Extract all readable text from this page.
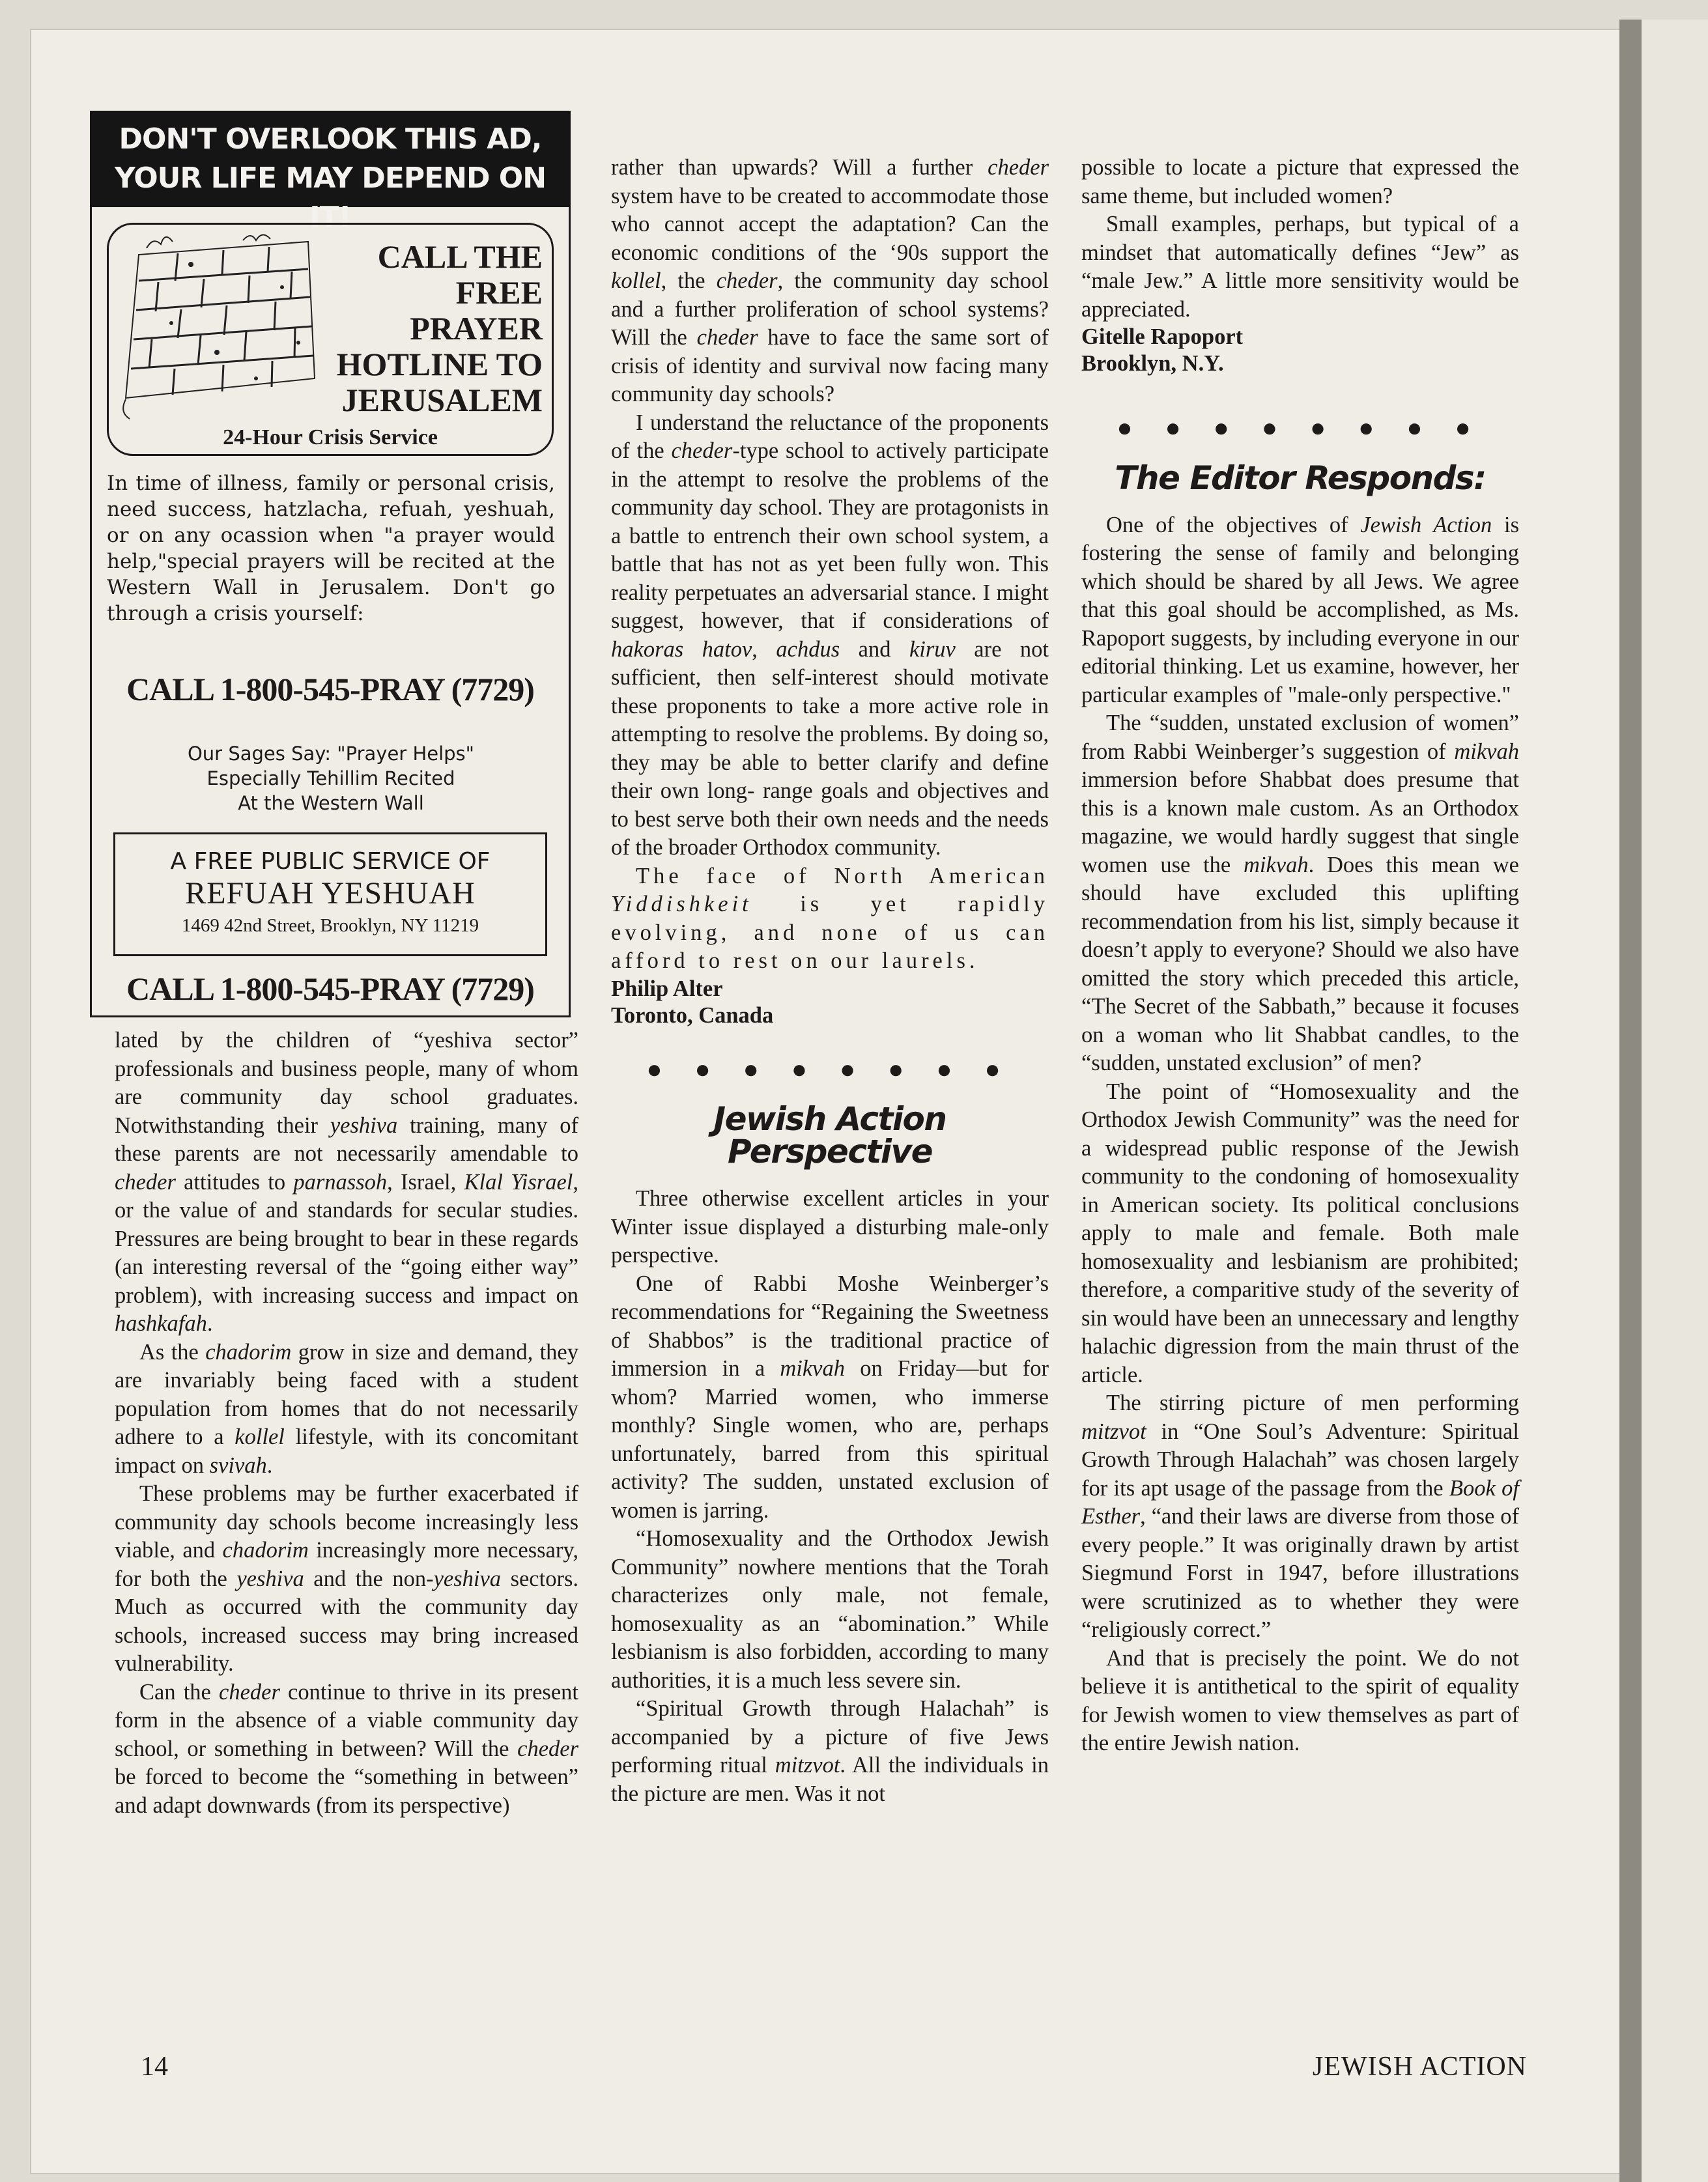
DON'T OVERLOOK THIS AD,
YOUR LIFE MAY DEPEND ON IT!
CALL THE
FREE
PRAYER
HOTLINE TO
JERUSALEM
24-Hour Crisis Service
In time of illness, family or personal crisis, need success, hatzlacha, refuah, yeshuah, or on any ocassion when "a prayer would help,"special prayers will be recited at the Western Wall in Jerusalem. Don't go through a crisis yourself:
CALL 1-800-545-PRAY (7729)
Our Sages Say: "Prayer Helps"
Especially Tehillim Recited
At the Western Wall
A FREE PUBLIC SERVICE OF
REFUAH YESHUAH
1469 42nd Street, Brooklyn, NY 11219
CALL 1-800-545-PRAY (7729)

lated by the children of “yeshiva sector” professionals and business people, many of whom are community day school graduates. Notwithstanding their yeshiva training, many of these parents are not necessarily amendable to cheder attitudes to parnassoh, Israel, Klal Yisrael, or the value of and standards for secular studies. Pressures are being brought to bear in these regards (an interesting reversal of the “going either way” problem), with increasing success and impact on hashkafah.

As the chadorim grow in size and demand, they are invariably being faced with a student population from homes that do not necessarily adhere to a kollel lifestyle, with its concomitant impact on svivah.

These problems may be further exacerbated if community day schools become increasingly less viable, and chadorim increasingly more necessary, for both the yeshiva and the non-yeshiva sectors. Much as occurred with the community day schools, increased success may bring increased vulnerability.

Can the cheder continue to thrive in its present form in the absence of a viable community day school, or something in between? Will the cheder be forced to become the “something in between” and adapt downwards (from its perspective)

rather than upwards? Will a further cheder system have to be created to accommodate those who cannot accept the adaptation? Can the economic conditions of the ‘90s support the kollel, the cheder, the community day school and a further proliferation of school systems? Will the cheder have to face the same sort of crisis of identity and survival now facing many community day schools?

I understand the reluctance of the proponents of the cheder-type school to actively participate in the attempt to resolve the problems of the community day school. They are protagonists in a battle to entrench their own school system, a battle that has not as yet been fully won. This reality perpetuates an adversarial stance. I might suggest, however, that if considerations of hakoras hatov, achdus and kiruv are not sufficient, then self-interest should motivate these proponents to take a more active role in attempting to resolve the problems. By doing so, they may be able to better clarify and define their own long- range goals and objectives and to best serve both their own needs and the needs of the broader Orthodox community.

The face of North American Yiddishkeit is yet rapidly evolving, and none of us can afford to rest on our laurels.

Philip Alter
Toronto, Canada

● ● ● ● ● ● ● ●
Jewish Action
Perspective

Three otherwise excellent articles in your Winter issue displayed a disturbing male-only perspective.

One of Rabbi Moshe Weinberger’s recommendations for “Regaining the Sweetness of Shabbos” is the traditional practice of immersion in a mikvah on Friday—but for whom? Married women, who immerse monthly? Single women, who are, perhaps unfortunately, barred from this spiritual activity? The sudden, unstated exclusion of women is jarring.

“Homosexuality and the Orthodox Jewish Community” nowhere mentions that the Torah characterizes only male, not female, homosexuality as an “abomination.” While lesbianism is also forbidden, according to many authorities, it is a much less severe sin.

“Spiritual Growth through Halachah” is accompanied by a picture of five Jews performing ritual mitzvot. All the individuals in the picture are men. Was it not

possible to locate a picture that expressed the same theme, but included women?

Small examples, perhaps, but typical of a mindset that automatically defines “Jew” as “male Jew.” A little more sensitivity would be appreciated.

Gitelle Rapoport
Brooklyn, N.Y.

● ● ● ● ● ● ● ●
The Editor Responds:

One of the objectives of Jewish Action is fostering the sense of family and belonging which should be shared by all Jews. We agree that this goal should be accomplished, as Ms. Rapoport suggests, by including everyone in our editorial thinking. Let us examine, however, her particular examples of "male-only perspective."

The “sudden, unstated exclusion of women” from Rabbi Weinberger’s suggestion of mikvah immersion before Shabbat does presume that this is a known male custom. As an Orthodox magazine, we would hardly suggest that single women use the mikvah. Does this mean we should have excluded this uplifting recommendation from his list, simply because it doesn’t apply to everyone? Should we also have omitted the story which preceded this article, “The Secret of the Sabbath,” because it focuses on a woman who lit Shabbat candles, to the “sudden, unstated exclusion” of men?

The point of “Homosexuality and the Orthodox Jewish Community” was the need for a widespread public response of the Jewish community to the condoning of homosexuality in American society. Its political conclusions apply to male and female. Both male homosexuality and lesbianism are prohibited; therefore, a comparitive study of the severity of sin would have been an unnecessary and lengthy halachic digression from the main thrust of the article.

The stirring picture of men performing mitzvot in “One Soul’s Adventure: Spiritual Growth Through Halachah” was chosen largely for its apt usage of the passage from the Book of Esther, “and their laws are diverse from those of every people.” It was originally drawn by artist Siegmund Forst in 1947, before illustrations were scrutinized as to whether they were “religiously correct.”

And that is precisely the point. We do not believe it is antithetical to the spirit of equality for Jewish women to view themselves as part of the entire Jewish nation.

14	JEWISH ACTION
